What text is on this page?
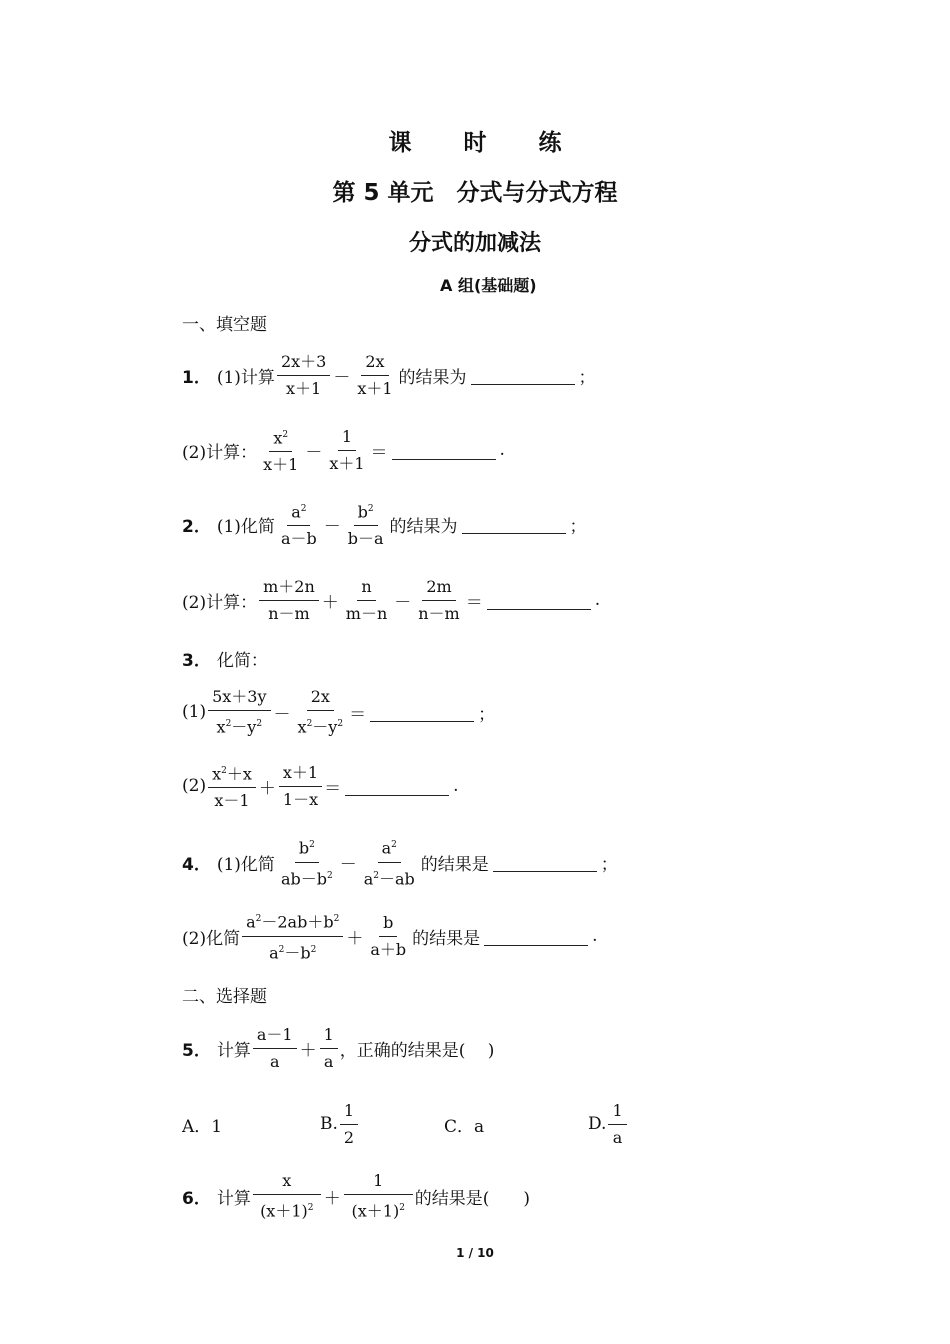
课 时 练
第 5 单元　分式与分式方程
分式的加减法
A 组(基础题)
一、填空题
1． (1)计算 $\frac{2x+3}{x+1} - \frac{2x}{x+1}$ 的结果为	；
(2)计算： $\frac{x^2}{x+1} - \frac{1}{x+1}$ ＝	.
2． (1)化简 $\frac{a^2}{a-b} - \frac{b^2}{b-a}$ 的结果为	；
(2)计算： $\frac{m+2n}{n-m} + \frac{n}{m-n} - \frac{2m}{n-m}$ ＝	.
3． 化简：
$(1) \frac{5x+3y}{x^2-y^2} - \frac{2x}{x^2-y^2}$ ＝	；
$(2) \frac{x^2+x}{x-1} + \frac{x+1}{1-x}$ ＝	.
4． (1)化简 $\frac{b^2}{ab-b^2} - \frac{a^2}{a^2-ab}$ 的结果是	；
(2)化简 $\frac{a^2-2ab+b^2}{a^2-b^2} + \frac{b}{a+b}$ 的结果是	.
二、选择题
5． 计算 $\frac{a-1}{a} + \frac{1}{a}$ ，正确的结果是(　 )
A．1	B. $\frac{1}{2}$	C．a	D. $\frac{1}{a}$
6． 计算 $\frac{x}{(x+1)^2} + \frac{1}{(x+1)^2}$ 的结果是(　　)
1 / 10
